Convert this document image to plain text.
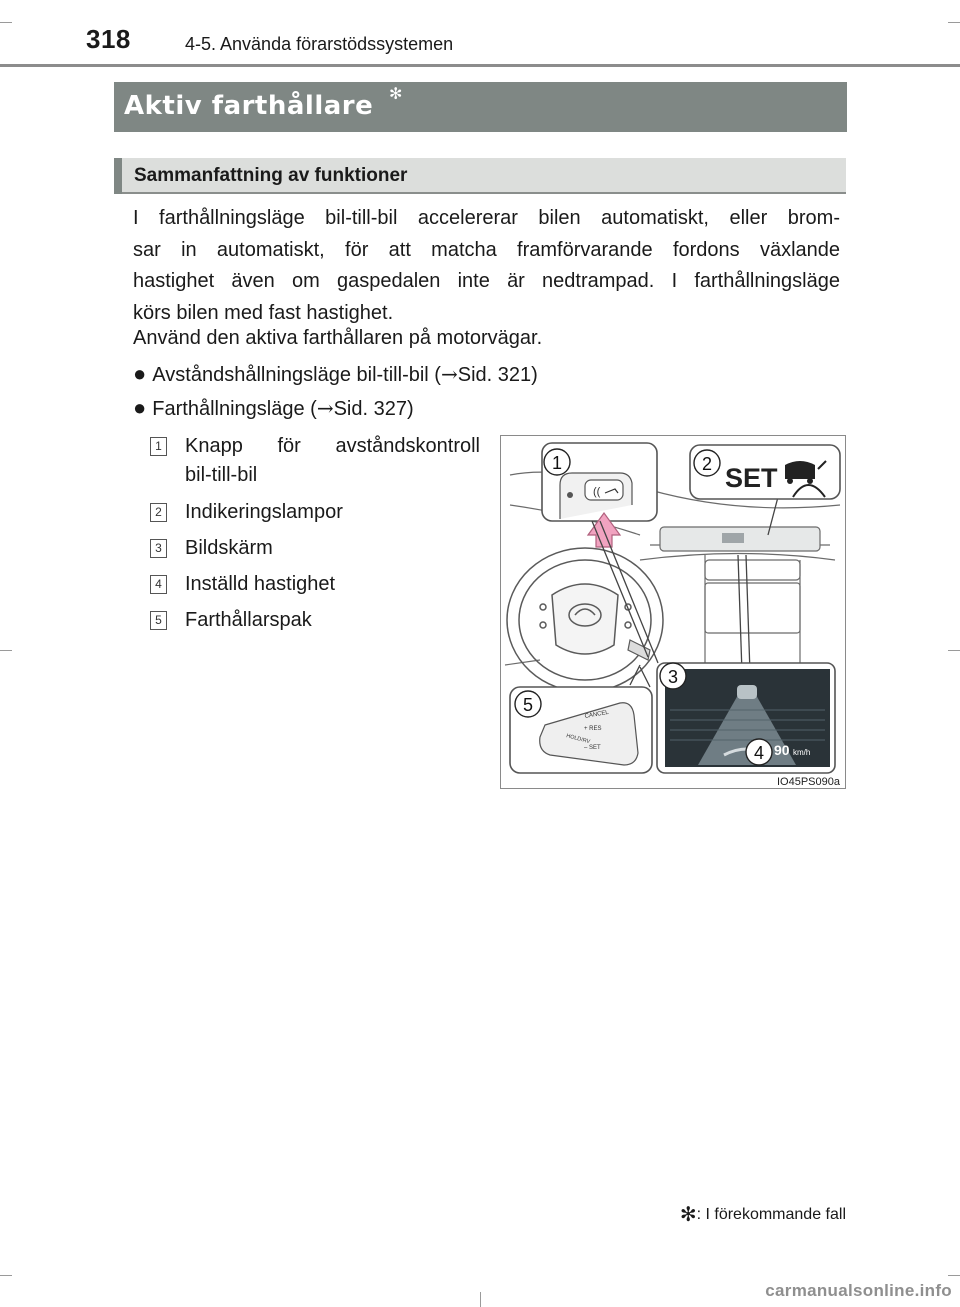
318	4-5. Använda förarstödssystemen
Aktiv farthållare ✻
Sammanfattning av funktioner
I farthållningsläge bil-till-bil accelererar bilen automatiskt, eller brom-
sar in automatiskt, för att matcha framförvarande fordons växlande
hastighet även om gaspedalen inte är nedtrampad. I farthållningsläge
körs bilen med fast hastighet.

Använd den aktiva farthållaren på motorvägar.

● Avståndshållningsläge bil-till-bil (→Sid. 321)

● Farthållningsläge (→Sid. 327)

1 Knapp för avståndskontroll
bil-till-bil
2 Indikeringslampor
3 Bildskärm
4 Inställd hastighet
5 Farthållarspak
((	SET
90 km/h
CANCEL
+ RES
HOLD/RV
– SET
1	2
3
4
5
IO45PS090a
✻: I förekommande fall
carmanualsonline.info
